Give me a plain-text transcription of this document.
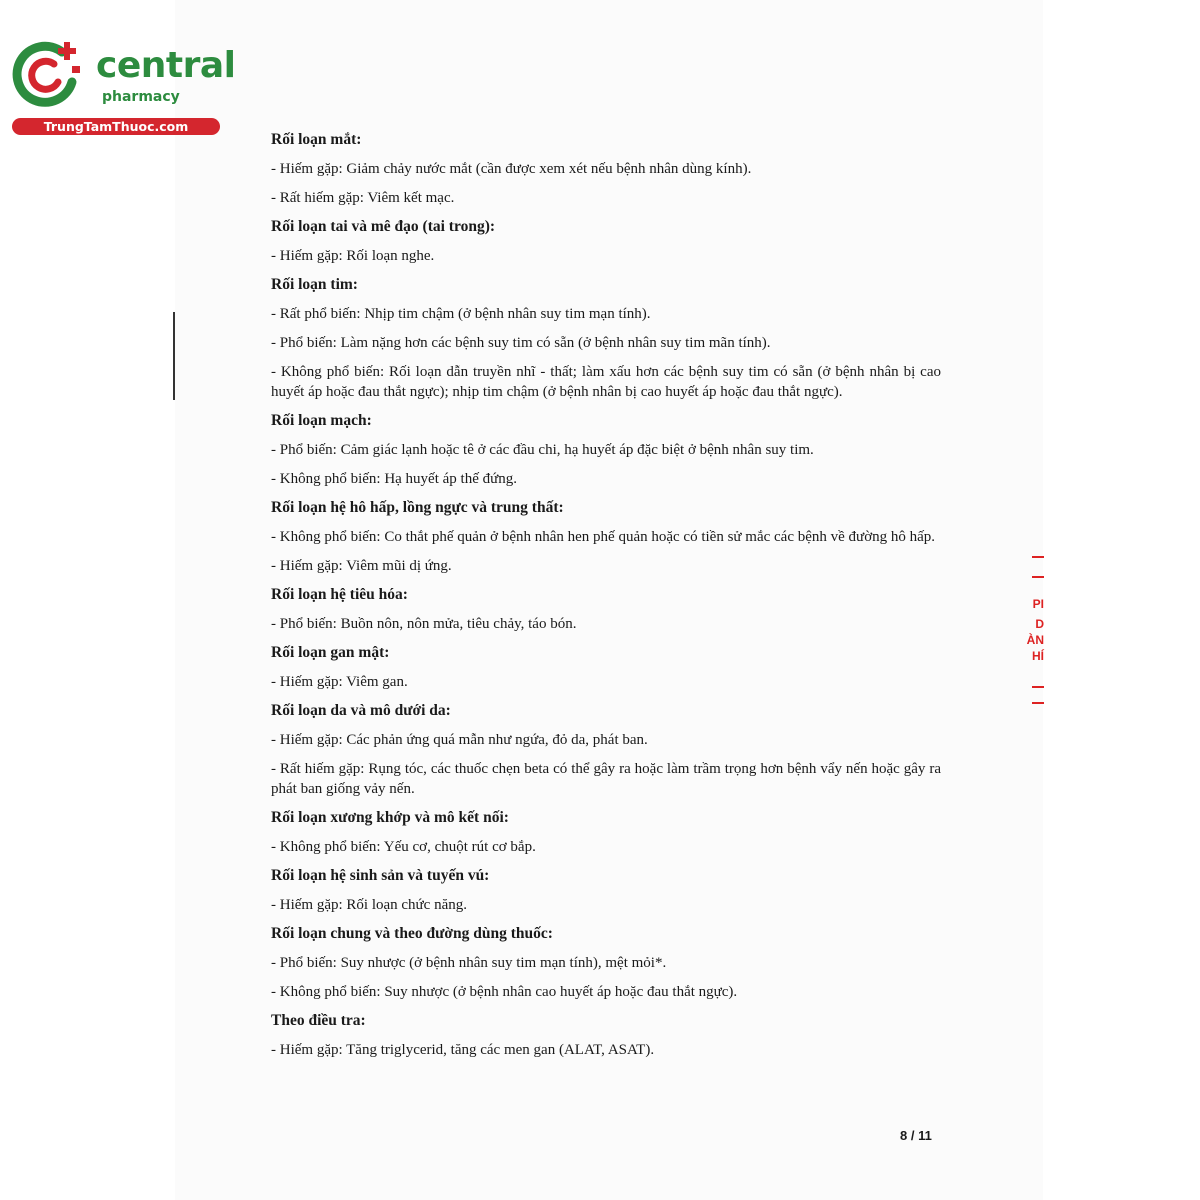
central
pharmacy
TrungTamThuoc.com
Rối loạn mắt:
- Hiếm gặp: Giảm chảy nước mắt (cần được xem xét nếu bệnh nhân dùng kính).
- Rất hiếm gặp: Viêm kết mạc.
Rối loạn tai và mê đạo (tai trong):
- Hiếm gặp: Rối loạn nghe.
Rối loạn tim:
- Rất phổ biến: Nhịp tim chậm (ở bệnh nhân suy tim mạn tính).
- Phổ biến: Làm nặng hơn các bệnh suy tim có sẵn (ở bệnh nhân suy tim mãn tính).
- Không phổ biến: Rối loạn dẫn truyền nhĩ - thất; làm xấu hơn các bệnh suy tim có sẵn (ở bệnh nhân bị cao huyết áp hoặc đau thắt ngực); nhịp tim chậm (ở bệnh nhân bị cao huyết áp hoặc đau thắt ngực).
Rối loạn mạch:
- Phổ biến: Cảm giác lạnh hoặc tê ở các đầu chi, hạ huyết áp đặc biệt ở bệnh nhân suy tim.
- Không phổ biến: Hạ huyết áp thế đứng.
Rối loạn hệ hô hấp, lồng ngực và trung thất:
- Không phổ biến: Co thắt phế quản ở bệnh nhân hen phế quản hoặc có tiền sử mắc các bệnh về đường hô hấp.
- Hiếm gặp: Viêm mũi dị ứng.
Rối loạn hệ tiêu hóa:
- Phổ biến: Buồn nôn, nôn mửa, tiêu chảy, táo bón.
Rối loạn gan mật:
- Hiếm gặp: Viêm gan.
Rối loạn da và mô dưới da:
- Hiếm gặp: Các phản ứng quá mẫn như ngứa, đỏ da, phát ban.
- Rất hiếm gặp: Rụng tóc, các thuốc chẹn beta có thể gây ra hoặc làm trầm trọng hơn bệnh vẩy nến hoặc gây ra phát ban giống vảy nến.
Rối loạn xương khớp và mô kết nối:
- Không phổ biến: Yếu cơ, chuột rút cơ bắp.
Rối loạn hệ sinh sản và tuyến vú:
- Hiếm gặp: Rối loạn chức năng.
Rối loạn chung và theo đường dùng thuốc:
- Phổ biến: Suy nhược (ở bệnh nhân suy tim mạn tính), mệt mỏi*.
- Không phổ biến: Suy nhược (ở bệnh nhân cao huyết áp hoặc đau thắt ngực).
Theo điều tra:
- Hiếm gặp: Tăng triglycerid, tăng các men gan (ALAT, ASAT).
8 / 11
PI
D
ÀN
HÍ
